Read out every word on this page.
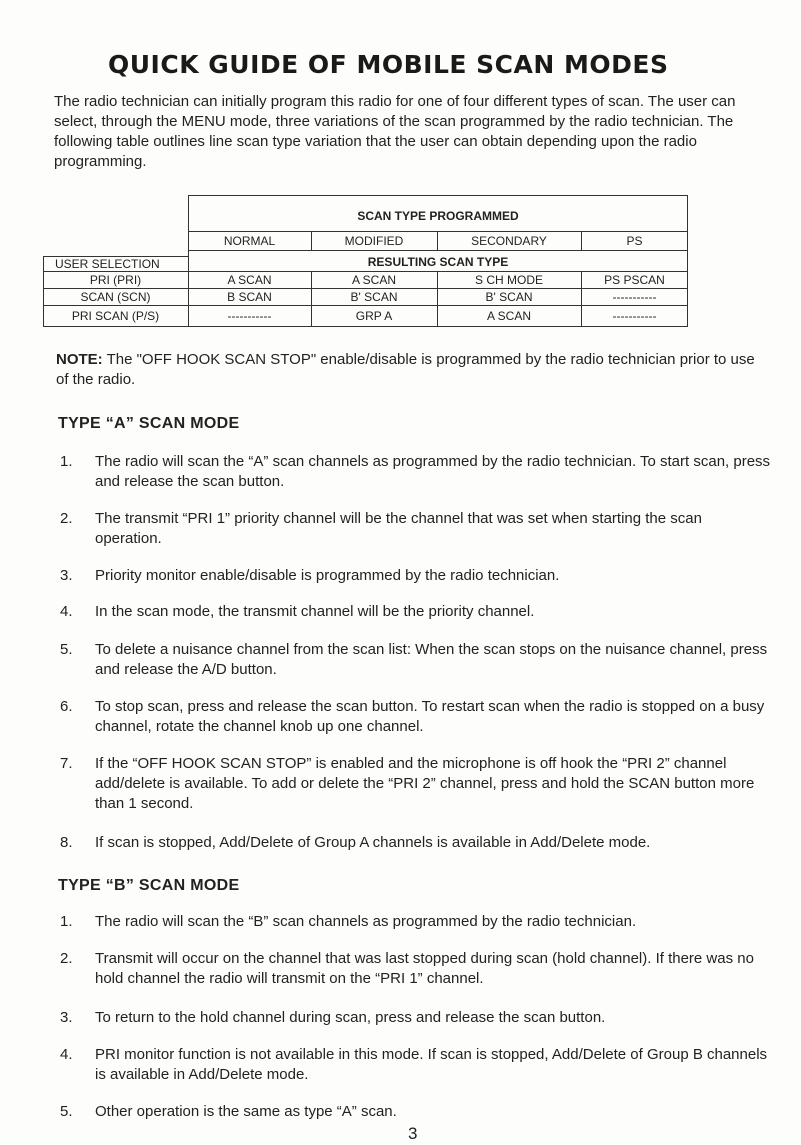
QUICK GUIDE OF MOBILE SCAN MODES

The radio technician can initially program this radio for one of four different types of scan. The user can select, through the MENU mode, three variations of the scan programmed by the radio technician. The following table outlines line scan type variation that the user can obtain depending upon the radio programming.

SCAN TYPE PROGRAMMED
NORMAL	MODIFIED	SECONDARY	PS
RESULTING SCAN TYPE
USER SELECTION
PRI (PRI)	A SCAN	A SCAN	S CH MODE	PS PSCAN
SCAN (SCN)	B SCAN	B' SCAN	B' SCAN	-----------
PRI SCAN (P/S)	-----------	GRP A	A SCAN	-----------
NOTE: The "OFF HOOK SCAN STOP" enable/disable is programmed by the radio technician prior to use of the radio.
TYPE “A” SCAN MODE
1.	The radio will scan the “A” scan channels as programmed by the radio technician. To start scan, press and release the scan button.
2.	The transmit “PRI 1” priority channel will be the channel that was set when starting the scan operation.
3.	Priority monitor enable/disable is programmed by the radio technician.
4.	In the scan mode, the transmit channel will be the priority channel.
5.	To delete a nuisance channel from the scan list: When the scan stops on the nuisance channel, press and release the A/D button.
6.	To stop scan, press and release the scan button. To restart scan when the radio is stopped on a busy channel, rotate the channel knob up one channel.
7.	If the “OFF HOOK SCAN STOP” is enabled and the microphone is off hook the “PRI 2” channel add/delete is available. To add or delete the “PRI 2” channel, press and hold the SCAN button more than 1 second.
8.	If scan is stopped, Add/Delete of Group A channels is available in Add/Delete mode.
TYPE “B” SCAN MODE
1.	The radio will scan the “B” scan channels as programmed by the radio technician.
2.	Transmit will occur on the channel that was last stopped during scan (hold channel). If there was no hold channel the radio will transmit on the “PRI 1” channel.
3.	To return to the hold channel during scan, press and release the scan button.
4.	PRI monitor function is not available in this mode. If scan is stopped, Add/Delete of Group B channels is available in Add/Delete mode.
5.	Other operation is the same as type “A” scan.
3
